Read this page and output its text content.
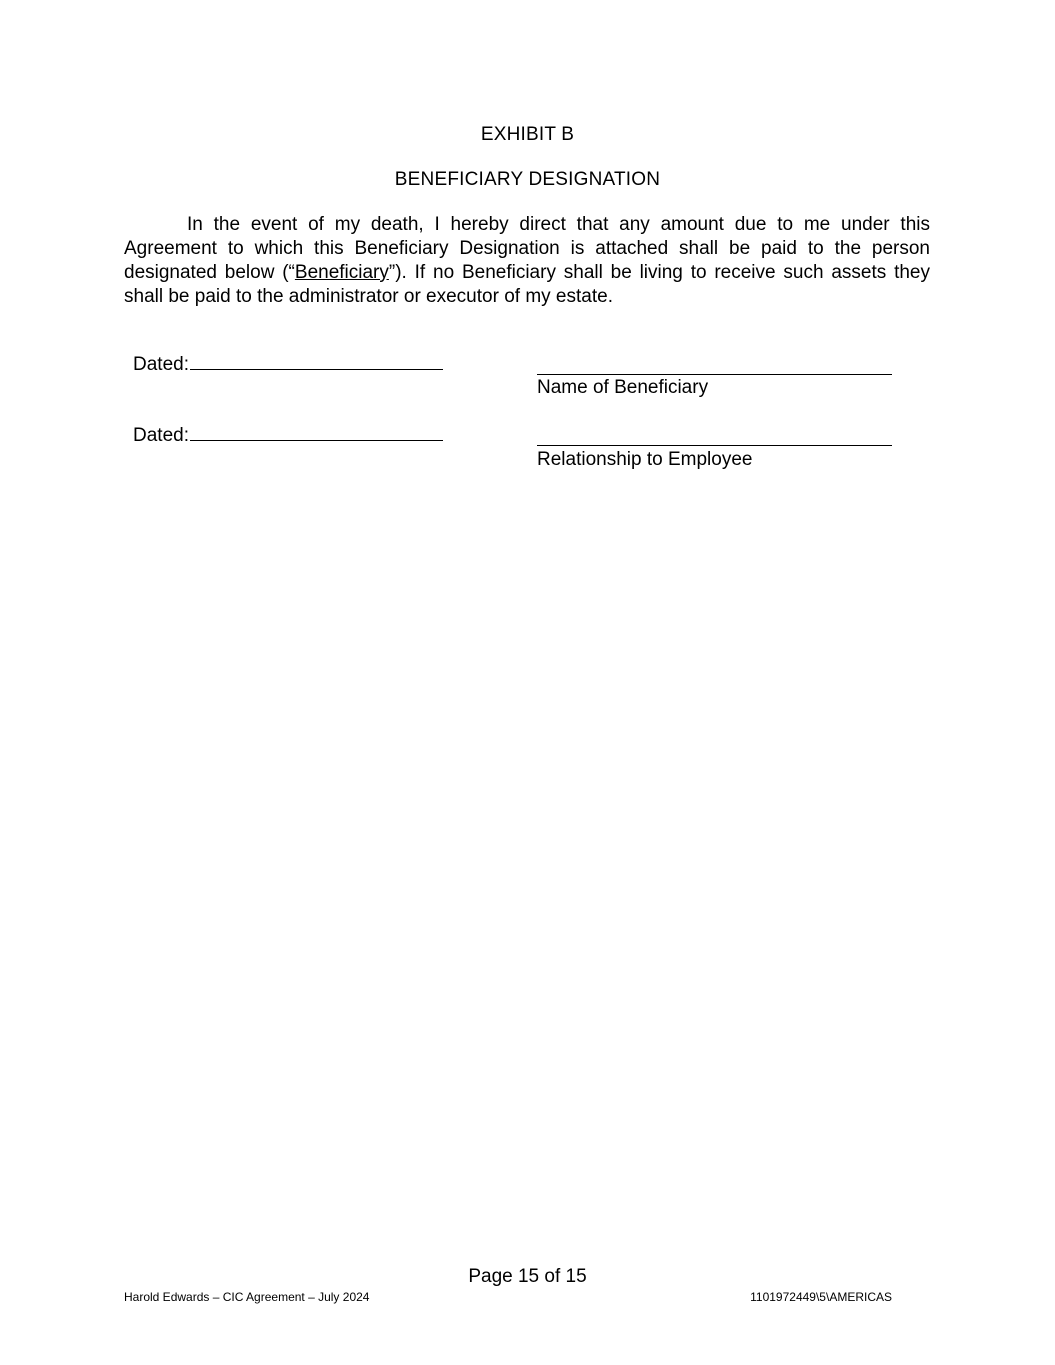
EXHIBIT B
BENEFICIARY DESIGNATION
In the event of my death, I hereby direct that any amount due to me under this Agreement to which this Beneficiary Designation is attached shall be paid to the person designated below (“Beneficiary”). If no Beneficiary shall be living to receive such assets they shall be paid to the administrator or executor of my estate.
Dated:
Name of Beneficiary
Dated:
Relationship to Employee
Page 15 of 15
Harold Edwards – CIC Agreement – July 2024	1101972449\5\AMERICAS
